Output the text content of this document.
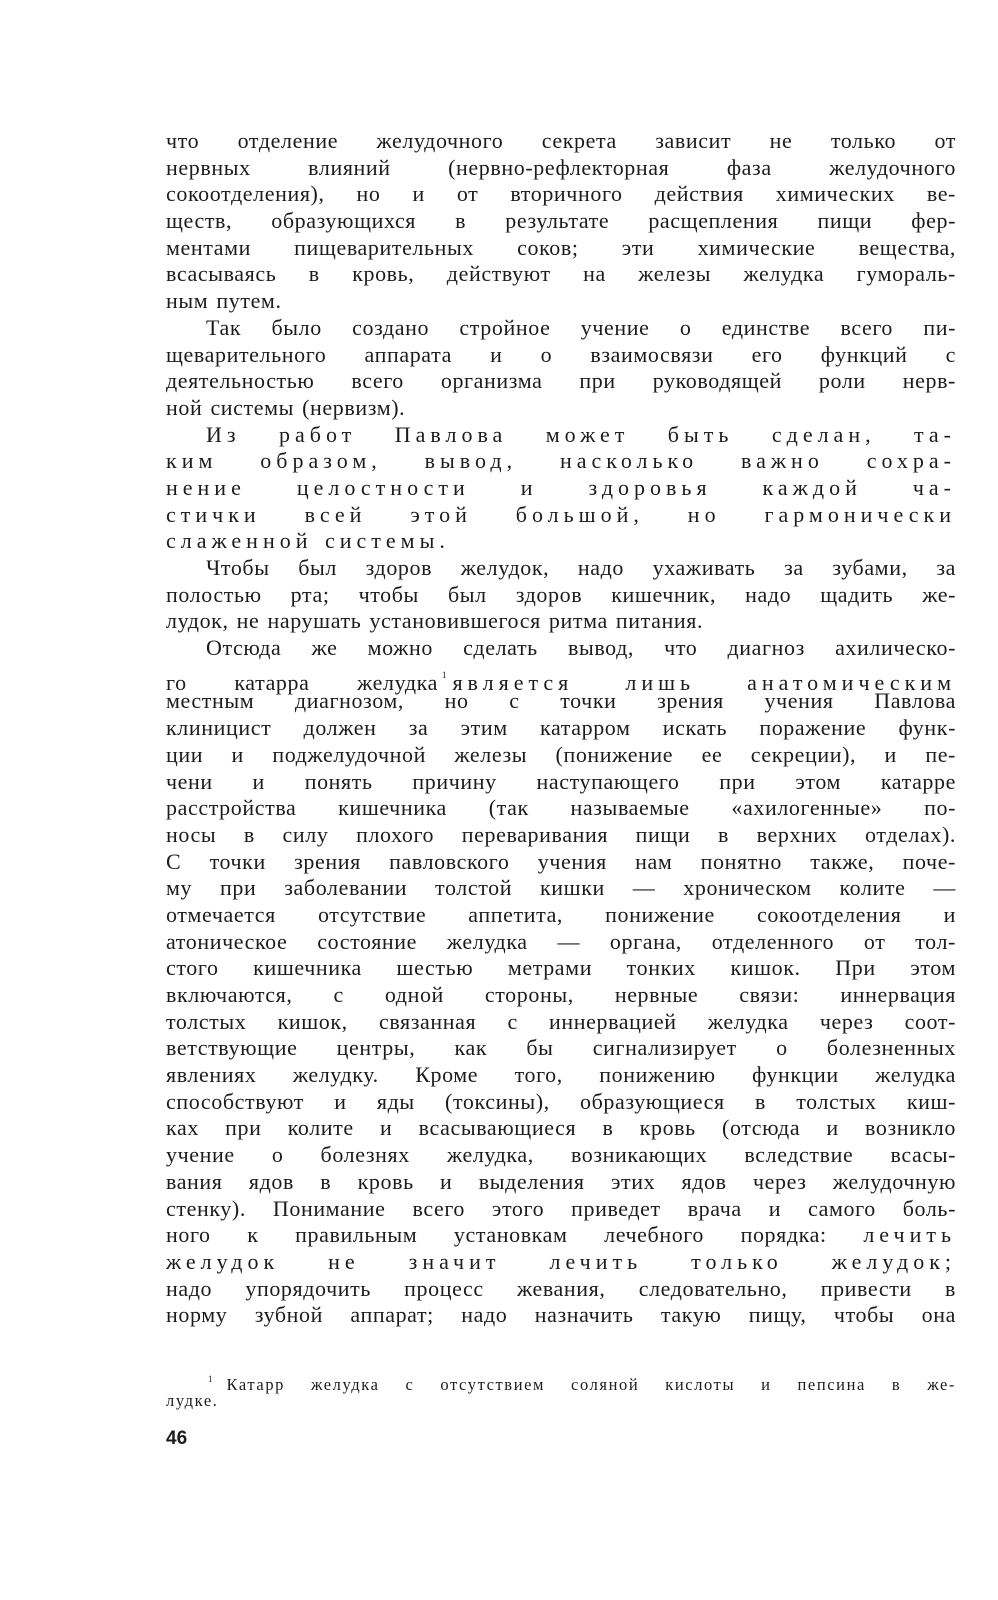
что отделение желудочного секрета зависит не только от
нервных влияний (нервно-рефлекторная фаза желудочного
сокоотделения), но и от вторичного действия химических ве-
ществ, образующихся в результате расщепления пищи фер-
ментами пищеварительных соков; эти химические вещества,
всасываясь в кровь, действуют на железы желудка гумораль-
ным путем.
Так было создано стройное учение о единстве всего пи-
щеварительного аппарата и о взаимосвязи его функций с
деятельностью всего организма при руководящей роли нерв-
ной системы (нервизм).
Из работ Павлова может быть сделан, та-
ким образом, вывод, насколько важно сохра-
нение целостности и здоровья каждой ча-
стички всей этой большой, но гармонически
слаженной системы.
Чтобы был здоров желудок, надо ухаживать за зубами, за
полостью рта; чтобы был здоров кишечник, надо щадить же-
лудок, не нарушать установившегося ритма питания.
Отсюда же можно сделать вывод, что диагноз ахилическо-
го катарра желудка $^1$ является лишь анатомическим
местным диагнозом, но с точки зрения учения Павлова
клиницист должен за этим катарром искать поражение функ-
ции и поджелудочной железы (понижение ее секреции), и пе-
чени и понять причину наступающего при этом катарре
расстройства кишечника (так называемые «ахилогенные» по-
носы в силу плохого переваривания пищи в верхних отделах).
С точки зрения павловского учения нам понятно также, поче-
му при заболевании толстой кишки — хроническом колите —
отмечается отсутствие аппетита, понижение сокоотделения и
атоническое состояние желудка — органа, отделенного от тол-
стого кишечника шестью метрами тонких кишок. При этом
включаются, с одной стороны, нервные связи: иннервация
толстых кишок, связанная с иннервацией желудка через соот-
ветствующие центры, как бы сигнализирует о болезненных
явлениях желудку. Кроме того, понижению функции желудка
способствуют и яды (токсины), образующиеся в толстых киш-
ках при колите и всасывающиеся в кровь (отсюда и возникло
учение о болезнях желудка, возникающих вследствие всасы-
вания ядов в кровь и выделения этих ядов через желудочную
стенку). Понимание всего этого приведет врача и самого боль-
ного к правильным установкам лечебного порядка: лечить
желудок не значит лечить только желудок;
надо упорядочить процесс жевания, следовательно, привести в
норму зубной аппарат; надо назначить такую пищу, чтобы она
$^1$ Катарр желудка с отсутствием соляной кислоты и пепсина в же-
лудке.
46
